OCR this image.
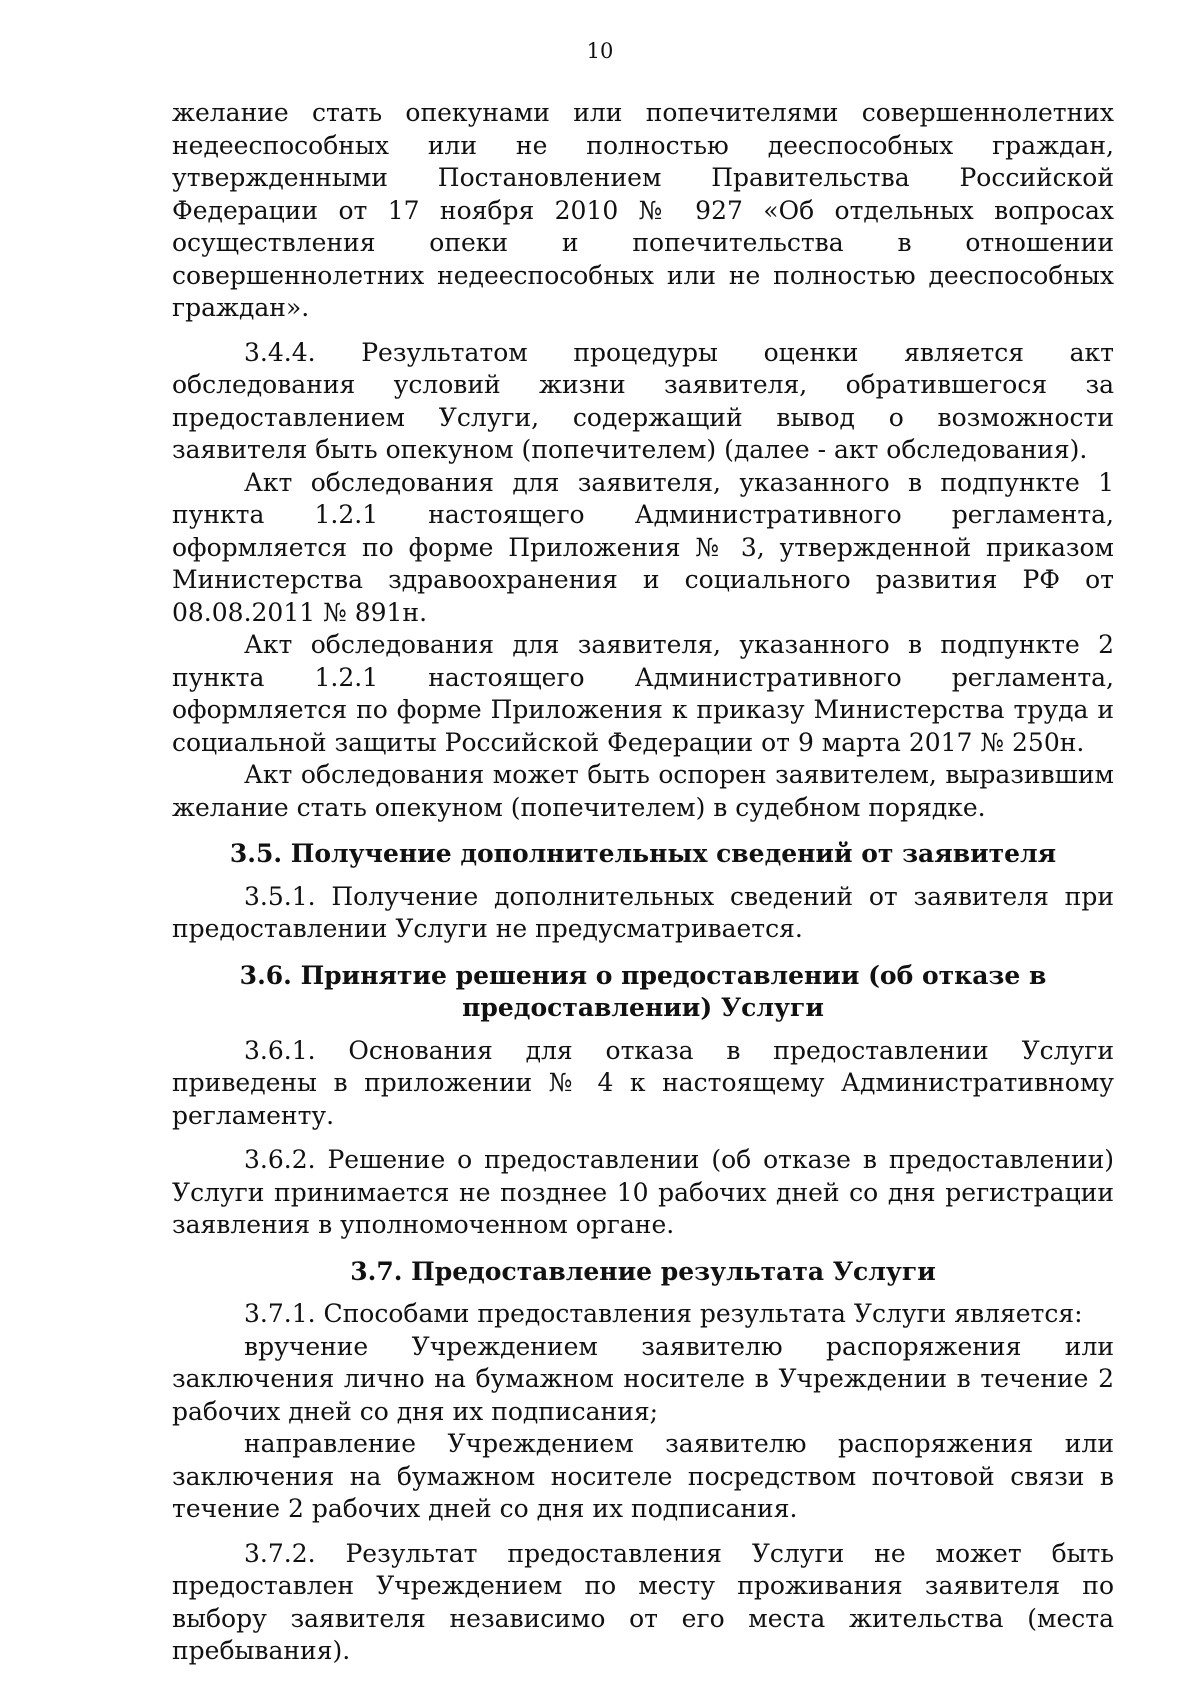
10

желание стать опекунами или попечителями совершеннолетних недееспособных или не полностью дееспособных граждан, утвержденными Постановлением Правительства Российской Федерации от 17 ноября 2010 № 927 «Об отдельных вопросах осуществления опеки и попечительства в отношении совершеннолетних недееспособных или не полностью дееспособных граждан».

3.4.4. Результатом процедуры оценки является акт обследования условий жизни заявителя, обратившегося за предоставлением Услуги, содержащий вывод о возможности заявителя быть опекуном (попечителем) (далее - акт обследования).

Акт обследования для заявителя, указанного в подпункте 1 пункта 1.2.1 настоящего Административного регламента, оформляется по форме Приложения № 3, утвержденной приказом Министерства здравоохранения и социального развития РФ от 08.08.2011 № 891н.

Акт обследования для заявителя, указанного в подпункте 2 пункта 1.2.1 настоящего Административного регламента, оформляется по форме Приложения к приказу Министерства труда и социальной защиты Российской Федерации от 9 марта 2017 № 250н.

Акт обследования может быть оспорен заявителем, выразившим желание стать опекуном (попечителем) в судебном порядке.

3.5. Получение дополнительных сведений от заявителя

3.5.1. Получение дополнительных сведений от заявителя при предоставлении Услуги не предусматривается.

3.6. Принятие решения о предоставлении (об отказе в предоставлении) Услуги

3.6.1. Основания для отказа в предоставлении Услуги приведены в приложении № 4 к настоящему Административному регламенту.

3.6.2. Решение о предоставлении (об отказе в предоставлении) Услуги принимается не позднее 10 рабочих дней со дня регистрации заявления в уполномоченном органе.

3.7. Предоставление результата Услуги

3.7.1. Способами предоставления результата Услуги является:

вручение Учреждением заявителю распоряжения или заключения лично на бумажном носителе в Учреждении в течение 2 рабочих дней со дня их подписания;

направление Учреждением заявителю распоряжения или заключения на бумажном носителе посредством почтовой связи в течение 2 рабочих дней со дня их подписания.

3.7.2. Результат предоставления Услуги не может быть предоставлен Учреждением по месту проживания заявителя по выбору заявителя независимо от его места жительства (места пребывания).
